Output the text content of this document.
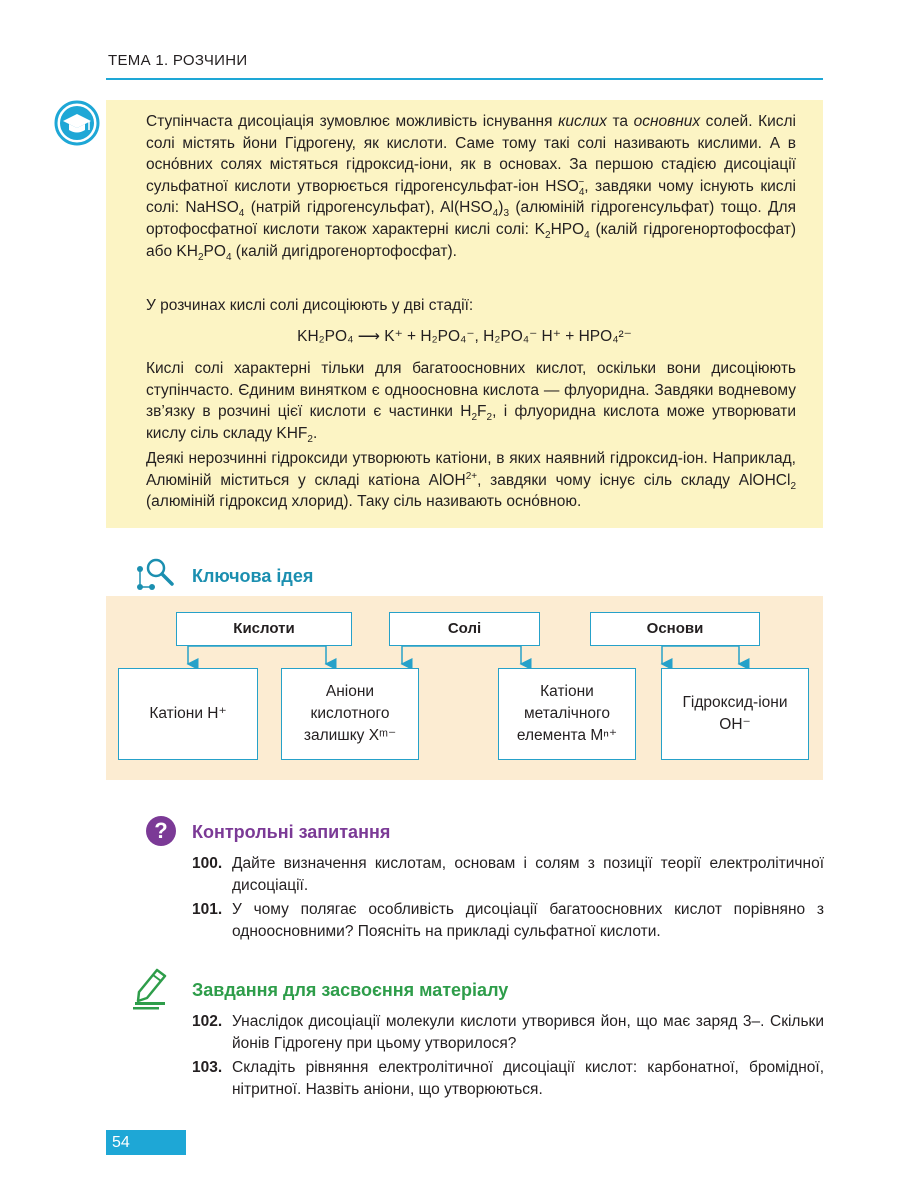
ТЕМА 1. РОЗЧИНИ

Ступінчаста дисоціація зумовлює можливість існування кислих та основних солей. Кислі солі містять йони Гідрогену, як кислоти. Саме тому такі солі називають кислими. А в осно́вних солях містяться гідроксид-іони, як в основах. За першою стадією дисоціації сульфатної кислоти утворюється гідрогенсульфат-іон $HSO_4^-$, завдяки чому існують кислі солі: NaHSO$_4$ (натрій гідрогенсульфат), $Al(HSO_4)_3$ (алюміній гідрогенсульфат) тощо. Для ортофосфатної кислоти також характерні кислі солі: $K_2HPO_4$ (калій гідрогенортофосфат) або $KH_2PO_4$ (калій дигідрогенортофосфат).

У розчинах кислі солі дисоціюють у дві стадії:

KH₂PO₄ ⟶ K⁺ + H₂PO₄⁻, H₂PO₄⁻ H⁺ + HPO₄²⁻

Кислі солі характерні тільки для багатоосновних кислот, оскільки вони дисоціюють ступінчасто. Єдиним винятком є одноосновна кислота — флуоридна. Завдяки водневому зв’язку в розчині цієї кислоти є частинки $H_2F_2$, і флуоридна кислота може утворювати кислу сіль складу $KHF_2$.

Деякі нерозчинні гідроксиди утворюють катіони, в яких наявний гідроксид-іон. Наприклад, Алюміній міститься у складі катіона AlOH$^{2+}$, завдяки чому існує сіль складу AlOHCl$_2$ (алюміній гідроксид хлорид). Таку сіль називають осно́вною.

Ключова ідея
Кислоти	Солі	Основи
Катіони H⁺
Аніони кислотного залишку Xᵐ⁻
Катіони металічного елемента Mⁿ⁺
Гідроксид-іони OH⁻
? Контрольні запитання
100. Дайте визначення кислотам, основам і солям з позиції теорії електролітичної дисоціації.
101. У чому полягає особливість дисоціації багатоосновних кислот порівняно з одноосновними? Поясніть на прикладі сульфатної кислоти.
Завдання для засвоєння матеріалу
102. Унаслідок дисоціації молекули кислоти утворився йон, що має заряд 3–. Скільки йонів Гідрогену при цьому утворилося?
103. Складіть рівняння електролітичної дисоціації кислот: карбонатної, бромідної, нітритної. Назвіть аніони, що утворюються.
54
